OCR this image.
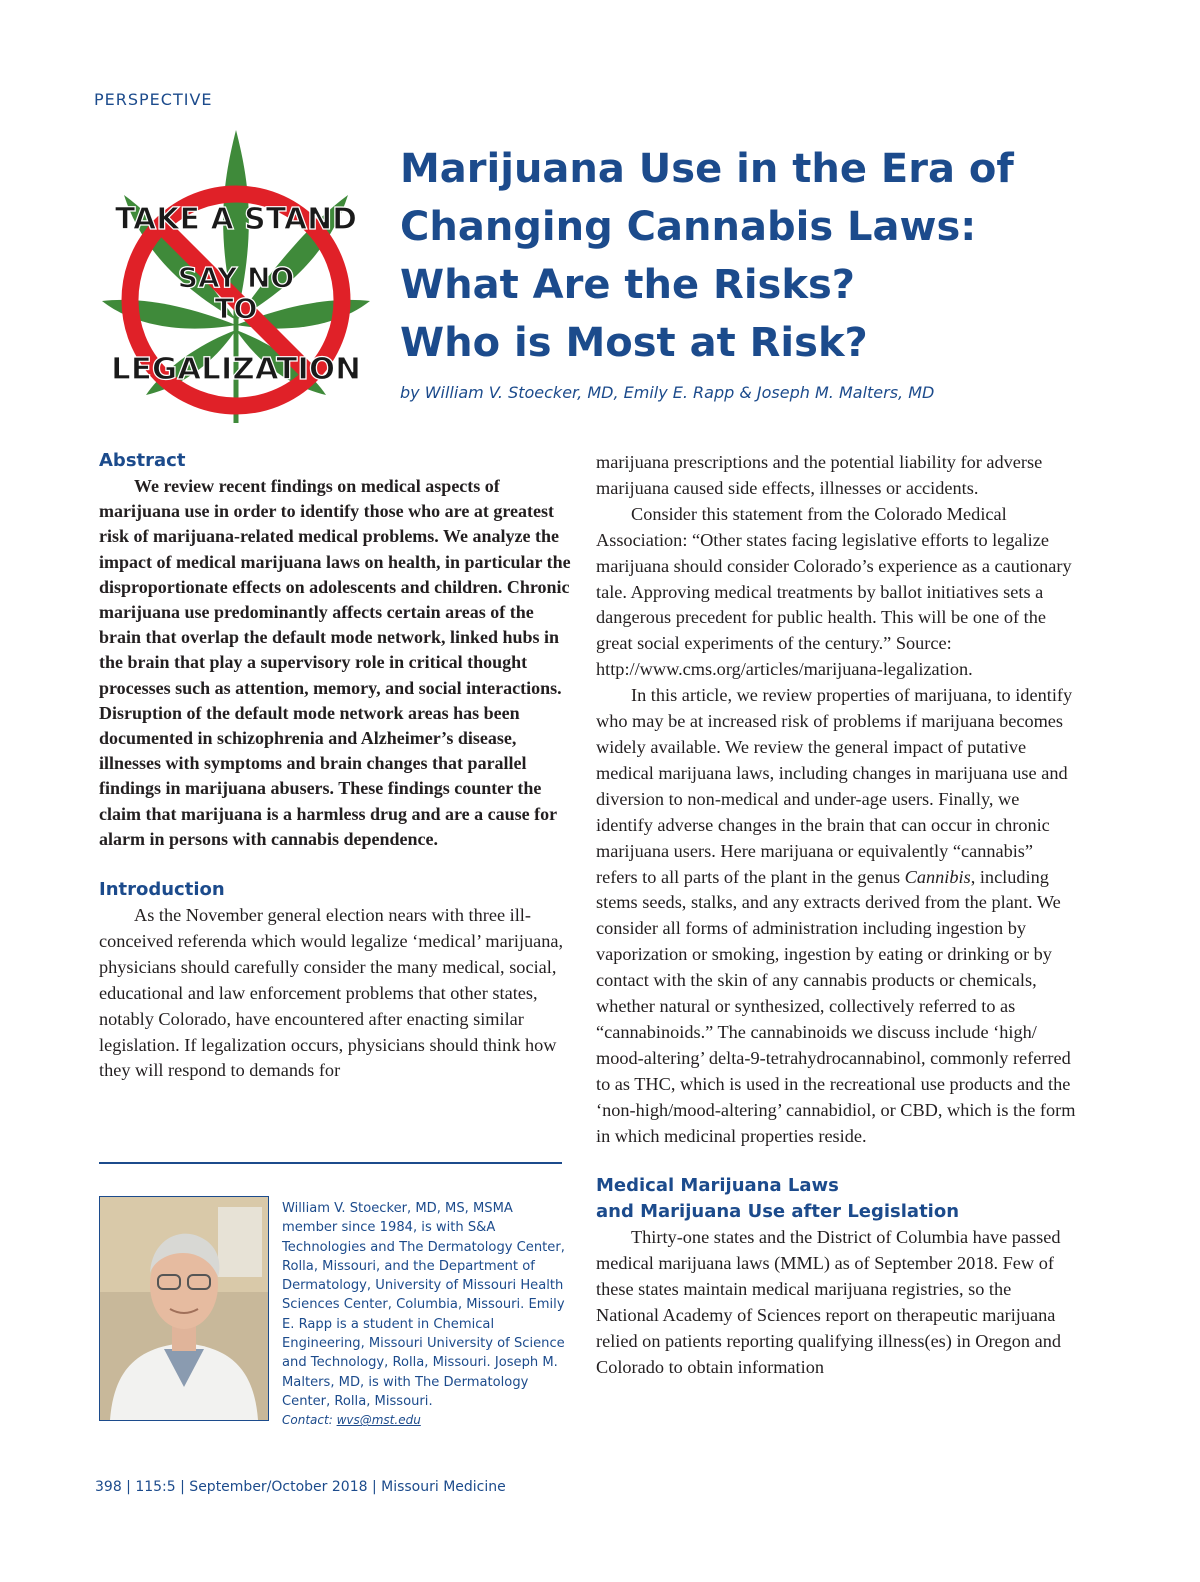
PERSPECTIVE
TAKE A STAND
SAY NO
TO
LEGALIZATION
Marijuana Use in the Era of
Changing Cannabis Laws:
What Are the Risks?
Who is Most at Risk?

by William V. Stoecker, MD, Emily E. Rapp & Joseph M. Malters, MD

Abstract

We review recent findings on medical aspects of marijuana use in order to identify those who are at greatest risk of marijuana-related medical problems. We analyze the impact of medical marijuana laws on health, in particular the disproportionate effects on adolescents and children. Chronic marijuana use predominantly affects certain areas of the brain that overlap the default mode network, linked hubs in the brain that play a supervisory role in critical thought processes such as attention, memory, and social interactions. Disruption of the default mode network areas has been documented in schizophrenia and Alzheimer’s disease, illnesses with symptoms and brain changes that parallel findings in marijuana abusers. These findings counter the claim that marijuana is a harmless drug and are a cause for alarm in persons with cannabis dependence.

Introduction

As the November general election nears with three ill-conceived referenda which would legalize ‘medical’ marijuana, physicians should carefully consider the many medical, social, educational and law enforcement problems that other states, notably Colorado, have encountered after enacting similar legislation. If legalization occurs, physicians should think how they will respond to demands for

William V. Stoecker, MD, MS, MSMA member since 1984, is with S&A Technologies and The Dermatology Center, Rolla, Missouri, and the Department of Dermatology, University of Missouri Health Sciences Center, Columbia, Missouri. Emily E. Rapp is a student in Chemical Engineering, Missouri University of Science and Technology, Rolla, Missouri. Joseph M. Malters, MD, is with The Dermatology Center, Rolla, Missouri.
Contact: wvs@mst.edu

marijuana prescriptions and the potential liability for adverse marijuana caused side effects, illnesses or accidents.

Consider this statement from the Colorado Medical Association: “Other states facing legislative efforts to legalize marijuana should consider Colorado’s experience as a cautionary tale. Approving medical treatments by ballot initiatives sets a dangerous precedent for public health. This will be one of the great social experiments of the century.” Source: http://www.cms.org/articles/marijuana-legalization.

In this article, we review properties of marijuana, to identify who may be at increased risk of problems if marijuana becomes widely available. We review the general impact of putative medical marijuana laws, including changes in marijuana use and diversion to non-medical and under-age users. Finally, we identify adverse changes in the brain that can occur in chronic marijuana users. Here marijuana or equivalently “cannabis” refers to all parts of the plant in the genus Cannibis, including stems seeds, stalks, and any extracts derived from the plant. We consider all forms of administration including ingestion by vaporization or smoking, ingestion by eating or drinking or by contact with the skin of any cannabis products or chemicals, whether natural or synthesized, collectively referred to as “cannabinoids.” The cannabinoids we discuss include ‘high/ mood-altering’ delta-9-tetrahydrocannabinol, commonly referred to as THC, which is used in the recreational use products and the ‘non-high/mood-altering’ cannabidiol, or CBD, which is the form in which medicinal properties reside.

Medical Marijuana Laws
and Marijuana Use after Legislation

Thirty-one states and the District of Columbia have passed medical marijuana laws (MML) as of September 2018. Few of these states maintain medical marijuana registries, so the National Academy of Sciences report on therapeutic marijuana relied on patients reporting qualifying illness(es) in Oregon and Colorado to obtain information

398 | 115:5 | September/October 2018 | Missouri Medicine
